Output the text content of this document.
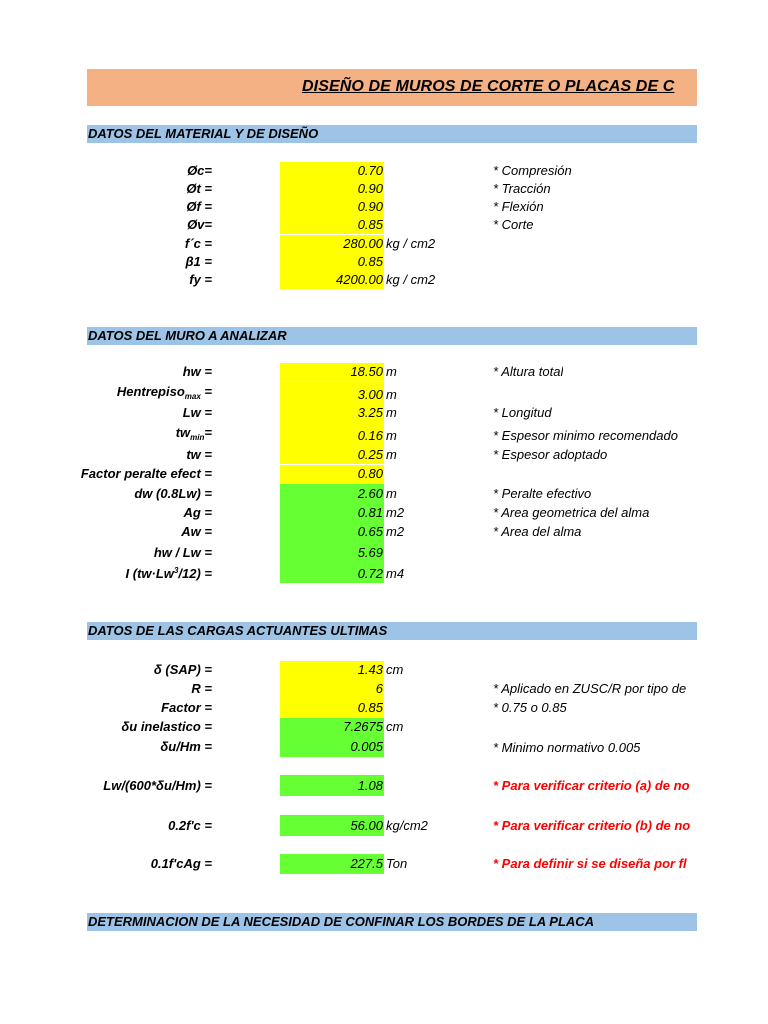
DISEÑO DE MUROS DE CORTE O PLACAS DE C
DATOS DEL MATERIAL Y DE DISEÑO
Øc=	0.70	* Compresión
Øt =	0.90	* Tracción
Øf =	0.90	* Flexión
Øv=	0.85	* Corte
f´c =	280.00 kg / cm2
β1 =	0.85
fy =	4200.00 kg / cm2
DATOS DEL MURO A ANALIZAR
hw =	18.50 m	* Altura total
Hentrepiso$_{max}$ =	3.00 m
Lw =	3.25 m	* Longitud
$tw_{min}=$	0.16 m	* Espesor minimo recomendado
tw =	0.25 m	* Espesor adoptado
Factor peralte efect =	0.80
dw (0.8Lw) =	2.60 m	* Peralte efectivo
Ag =	0.81 m2	* Area geometrica del alma
Aw =	0.65 m2	* Area del alma
hw / Lw =	5.69
I $(tw\cdot Lw^3/12)$ =	0.72 m4
DATOS DE LAS CARGAS ACTUANTES ULTIMAS
δ (SAP) =	1.43 cm
R =	6	* Aplicado en ZUSC/R por tipo de
Factor =	0.85	* 0.75 o 0.85
δu inelastico =	7.2675 cm
δu/Hm =	0.005	* Minimo normativo 0.005
Lw/(600*δu/Hm) =	1.08	* Para verificar criterio (a) de no
0.2f'c =	56.00 kg/cm2	* Para verificar criterio (b) de no
0.1f'cAg =	227.5 Ton	* Para definir si se diseña por fl
DETERMINACION DE LA NECESIDAD DE CONFINAR LOS BORDES DE LA PLACA
